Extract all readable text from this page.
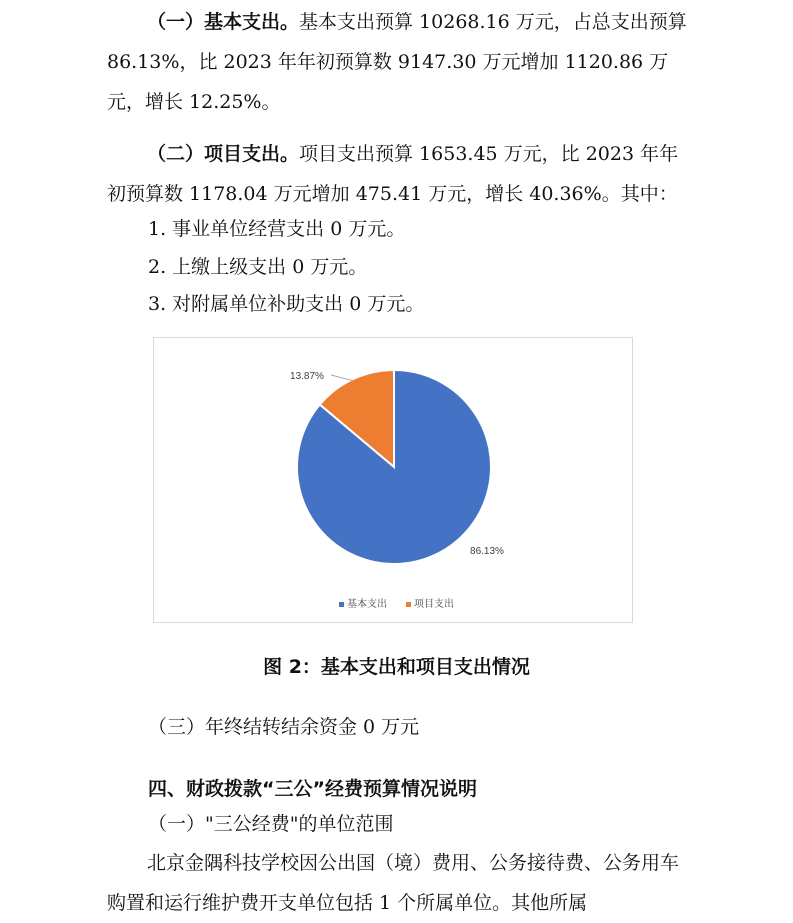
（一）基本支出。基本支出预算 10268.16 万元，占总支出预算 86.13%，比 2023 年年初预算数 9147.30 万元增加 1120.86 万元，增长 12.25%。

（二）项目支出。项目支出预算 1653.45 万元，比 2023 年年初预算数 1178.04 万元增加 475.41 万元，增长 40.36%。其中：

1. 事业单位经营支出 0 万元。

2. 上缴上级支出 0 万元。

3. 对附属单位补助支出 0 万元。

13.87%
86.13%
基本支出	项目支出
图 2：基本支出和项目支出情况

（三）年终结转结余资金 0 万元

四、财政拨款“三公”经费预算情况说明

（一）"三公经费"的单位范围

北京金隅科技学校因公出国（境）费用、公务接待费、公务用车购置和运行维护费开支单位包括 1 个所属单位。其他所属
